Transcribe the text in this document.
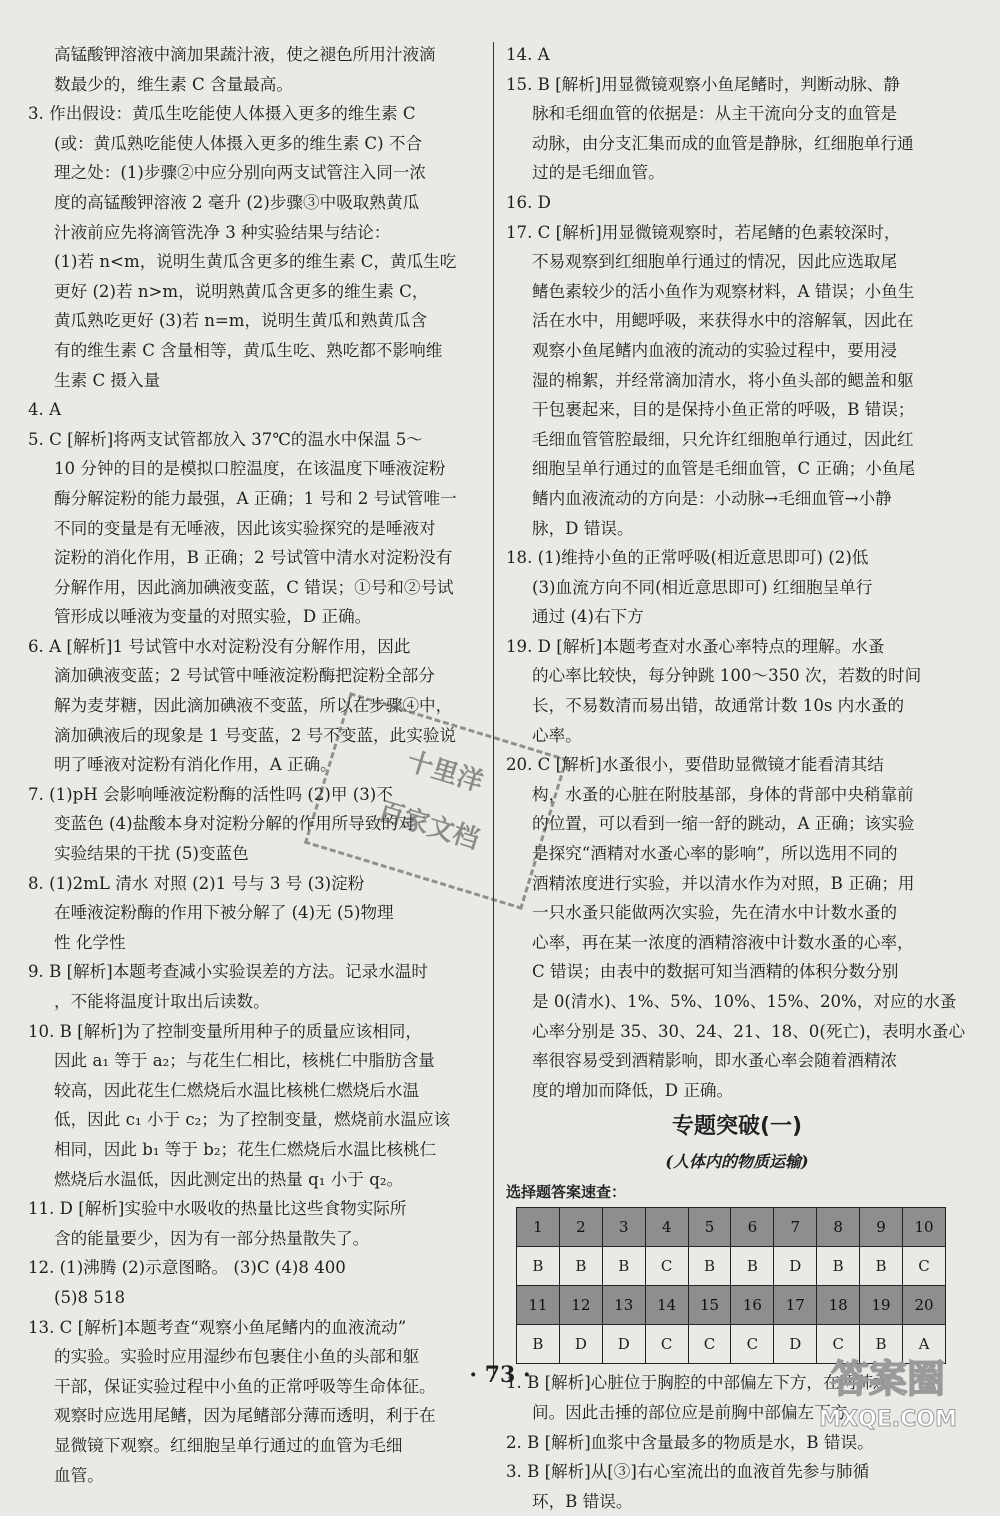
高锰酸钾溶液中滴加果蔬汁液，使之褪色所用汁液滴
数最少的，维生素 C 含量最高。
3. 作出假设：黄瓜生吃能使人体摄入更多的维生素 C
(或：黄瓜熟吃能使人体摄入更多的维生素 C) 不合
理之处：(1)步骤②中应分别向两支试管注入同一浓
度的高锰酸钾溶液 2 毫升 (2)步骤③中吸取熟黄瓜
汁液前应先将滴管洗净 3 种实验结果与结论：
(1)若 n<m，说明生黄瓜含更多的维生素 C，黄瓜生吃
更好 (2)若 n>m，说明熟黄瓜含更多的维生素 C，
黄瓜熟吃更好 (3)若 n=m，说明生黄瓜和熟黄瓜含
有的维生素 C 含量相等，黄瓜生吃、熟吃都不影响维
生素 C 摄入量
4. A
5. C [解析]将两支试管都放入 37℃的温水中保温 5～
10 分钟的目的是模拟口腔温度，在该温度下唾液淀粉
酶分解淀粉的能力最强，A 正确；1 号和 2 号试管唯一
不同的变量是有无唾液，因此该实验探究的是唾液对
淀粉的消化作用，B 正确；2 号试管中清水对淀粉没有
分解作用，因此滴加碘液变蓝，C 错误；①号和②号试
管形成以唾液为变量的对照实验，D 正确。
6. A [解析]1 号试管中水对淀粉没有分解作用，因此
滴加碘液变蓝；2 号试管中唾液淀粉酶把淀粉全部分
解为麦芽糖，因此滴加碘液不变蓝，所以在步骤④中，
滴加碘液后的现象是 1 号变蓝，2 号不变蓝，此实验说
明了唾液对淀粉有消化作用，A 正确。
7. (1)pH 会影响唾液淀粉酶的活性吗 (2)甲 (3)不
变蓝色 (4)盐酸本身对淀粉分解的作用所导致的对
实验结果的干扰 (5)变蓝色
8. (1)2mL 清水 对照 (2)1 号与 3 号 (3)淀粉
在唾液淀粉酶的作用下被分解了 (4)无 (5)物理
性 化学性
9. B [解析]本题考查减小实验误差的方法。记录水温时
，不能将温度计取出后读数。
10. B [解析]为了控制变量所用种子的质量应该相同，
因此 a₁ 等于 a₂；与花生仁相比，核桃仁中脂肪含量
较高，因此花生仁燃烧后水温比核桃仁燃烧后水温
低，因此 c₁ 小于 c₂；为了控制变量，燃烧前水温应该
相同，因此 b₁ 等于 b₂；花生仁燃烧后水温比核桃仁
燃烧后水温低，因此测定出的热量 q₁ 小于 q₂。
11. D [解析]实验中水吸收的热量比这些食物实际所
含的能量要少，因为有一部分热量散失了。
12. (1)沸腾 (2)示意图略。 (3)C (4)8 400
(5)8 518
13. C [解析]本题考查“观察小鱼尾鳍内的血液流动”
的实验。实验时应用湿纱布包裹住小鱼的头部和躯
干部，保证实验过程中小鱼的正常呼吸等生命体征。
观察时应选用尾鳍，因为尾鳍部分薄而透明，利于在
显微镜下观察。红细胞呈单行通过的血管为毛细
血管。
14. A
15. B [解析]用显微镜观察小鱼尾鳍时，判断动脉、静
脉和毛细血管的依据是：从主干流向分支的血管是
动脉，由分支汇集而成的血管是静脉，红细胞单行通
过的是毛细血管。
16. D
17. C [解析]用显微镜观察时，若尾鳍的色素较深时，
不易观察到红细胞单行通过的情况，因此应选取尾
鳍色素较少的活小鱼作为观察材料，A 错误；小鱼生
活在水中，用鳃呼吸，来获得水中的溶解氧，因此在
观察小鱼尾鳍内血液的流动的实验过程中，要用浸
湿的棉絮，并经常滴加清水，将小鱼头部的鳃盖和躯
干包裹起来，目的是保持小鱼正常的呼吸，B 错误；
毛细血管管腔最细，只允许红细胞单行通过，因此红
细胞呈单行通过的血管是毛细血管，C 正确；小鱼尾
鳍内血液流动的方向是：小动脉→毛细血管→小静
脉，D 错误。
18. (1)维持小鱼的正常呼吸(相近意思即可) (2)低
(3)血流方向不同(相近意思即可) 红细胞呈单行
通过 (4)右下方
19. D [解析]本题考查对水蚤心率特点的理解。水蚤
的心率比较快，每分钟跳 100～350 次，若数的时间
长，不易数清而易出错，故通常计数 10s 内水蚤的
心率。
20. C [解析]水蚤很小，要借助显微镜才能看清其结
构，水蚤的心脏在附肢基部，身体的背部中央稍靠前
的位置，可以看到一缩一舒的跳动，A 正确；该实验
是探究“酒精对水蚤心率的影响”，所以选用不同的
酒精浓度进行实验，并以清水作为对照，B 正确；用
一只水蚤只能做两次实验，先在清水中计数水蚤的
心率，再在某一浓度的酒精溶液中计数水蚤的心率，
C 错误；由表中的数据可知当酒精的体积分数分别
是 0(清水)、1%、5%、10%、15%、20%，对应的水蚤
心率分别是 35、30、24、21、18、0(死亡)，表明水蚤心
率很容易受到酒精影响，即水蚤心率会随着酒精浓
度的增加而降低，D 正确。
专题突破(一)
(人体内的物质运输)
选择题答案速查：
1	2	3	4	5	6	7	8	9	10
B	B	B	C	B	B	D	B	B	C
11	12	13	14	15	16	17	18	19	20
B	D	D	C	C	C	D	C	B	A
1. B [解析]心脏位于胸腔的中部偏左下方，在两肺之
间。因此击捶的部位应是前胸中部偏左下方。
2. B [解析]血浆中含量最多的物质是水，B 错误。
3. B [解析]从[③]右心室流出的血液首先参与肺循
环，B 错误。
· 73 ·
十里洋
百家文档
答案圈
MXQE.COM
